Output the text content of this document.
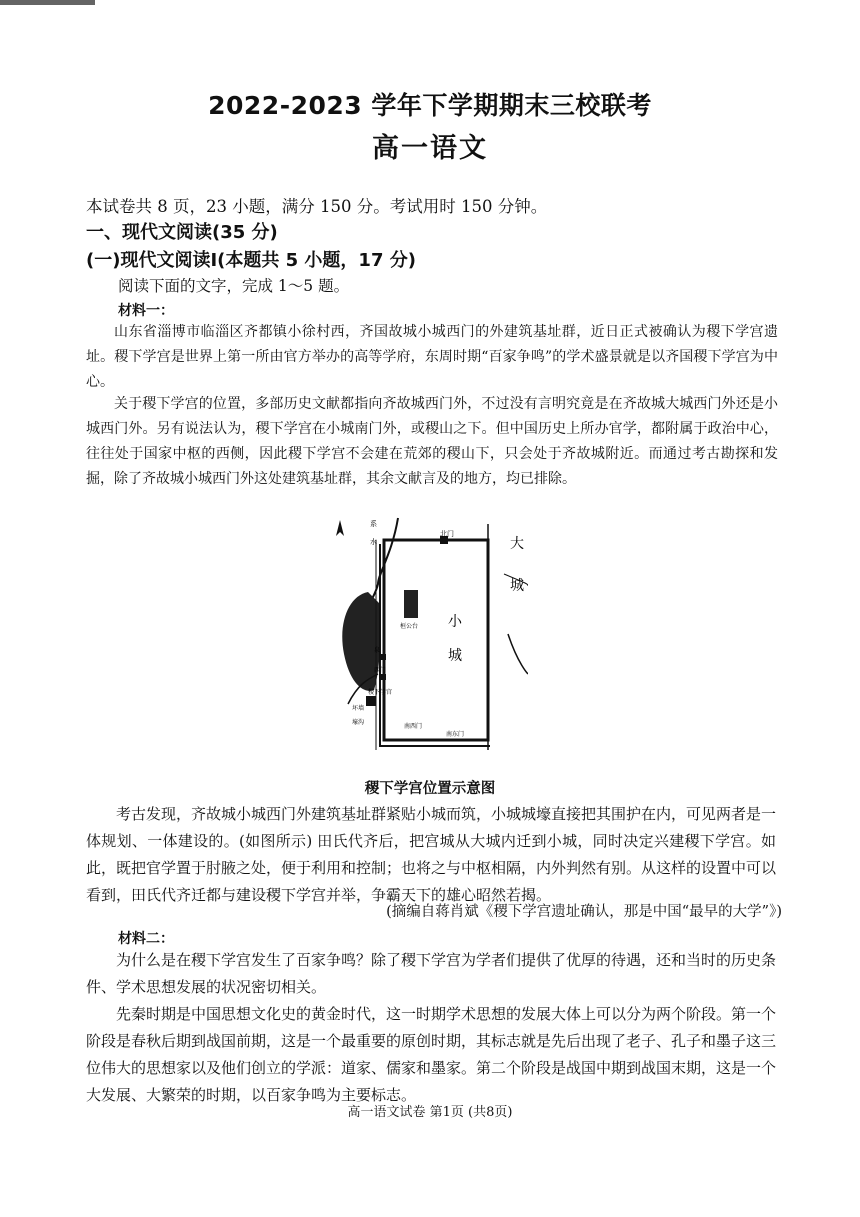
2022-2023 学年下学期期末三校联考
高一语文
本试卷共 8 页，23 小题，满分 150 分。考试用时 150 分钟。
一、现代文阅读(35 分)
(一)现代文阅读Ⅰ(本题共 5 小题，17 分)
阅读下面的文字，完成 1～5 题。
材料一：

山东省淄博市临淄区齐都镇小徐村西，齐国故城小城西门的外建筑基址群，近日正式被确认为稷下学宫遗址。稷下学宫是世界上第一所由官方举办的高等学府，东周时期“百家争鸣”的学术盛景就是以齐国稷下学宫为中心。

关于稷下学宫的位置，多部历史文献都指向齐故城西门外，不过没有言明究竟是在齐故城大城西门外还是小城西门外。另有说法认为，稷下学宫在小城南门外，或稷山之下。但中国历史上所办官学，都附属于政治中心，往往处于国家中枢的西侧，因此稷下学宫不会建在荒郊的稷山下，只会处于齐故城附近。而通过考古勘探和发掘，除了齐故城小城西门外这处建筑基址群，其余文献言及的地方，均已排除。

大
城
小
城
北门
系
水
桓公台
泉
西门
稷下学宫
坏墙
壕沟
南西门
南东门
稷下学宫位置示意图

考古发现，齐故城小城西门外建筑基址群紧贴小城而筑，小城城壕直接把其围护在内，可见两者是一体规划、一体建设的。(如图所示) 田氏代齐后，把宫城从大城内迁到小城，同时决定兴建稷下学宫。如此，既把官学置于肘腋之处，便于利用和控制；也将之与中枢相隔，内外判然有别。从这样的设置中可以看到，田氏代齐迁都与建设稷下学宫并举，争霸天下的雄心昭然若揭。

(摘编自蒋肖斌《稷下学宫遗址确认，那是中国“最早的大学”》)
材料二：

为什么是在稷下学宫发生了百家争鸣？除了稷下学宫为学者们提供了优厚的待遇，还和当时的历史条件、学术思想发展的状况密切相关。

先秦时期是中国思想文化史的黄金时代，这一时期学术思想的发展大体上可以分为两个阶段。第一个阶段是春秋后期到战国前期，这是一个最重要的原创时期，其标志就是先后出现了老子、孔子和墨子这三位伟大的思想家以及他们创立的学派：道家、儒家和墨家。第二个阶段是战国中期到战国末期，这是一个大发展、大繁荣的时期，以百家争鸣为主要标志。

高一语文试卷 第1页 (共8页)
